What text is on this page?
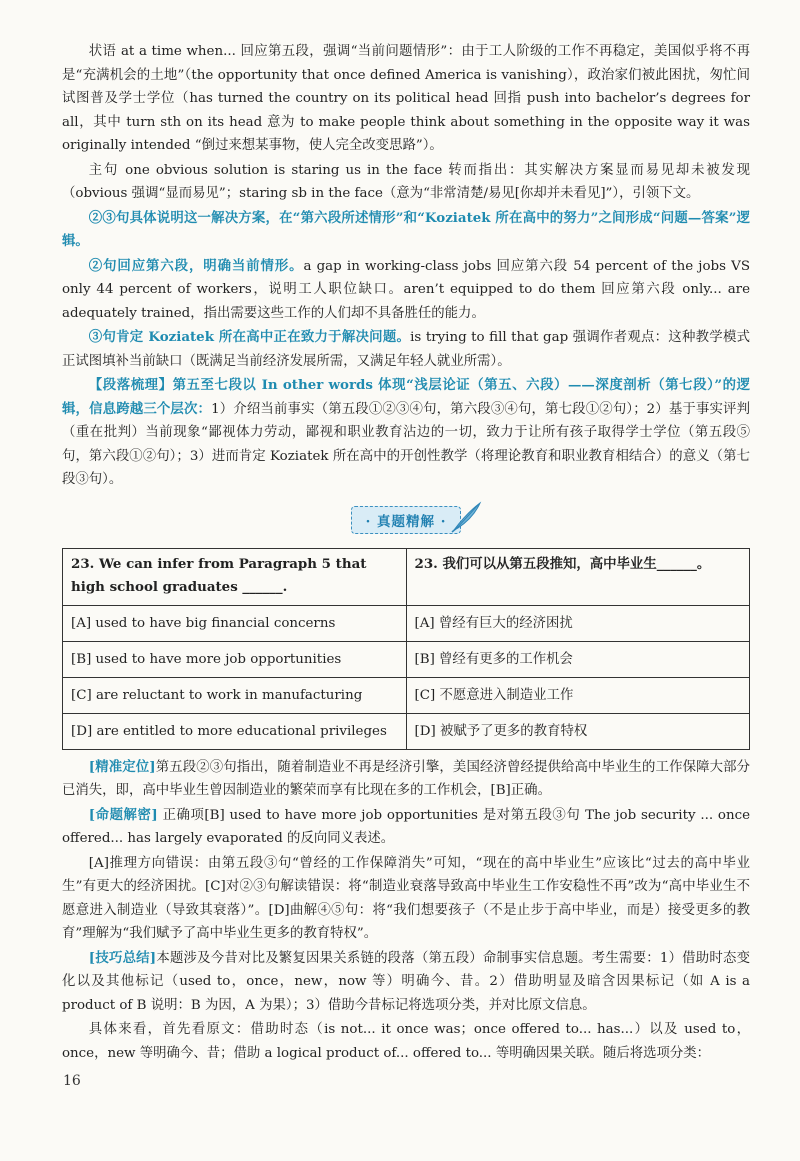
状语 at a time when... 回应第五段，强调“当前问题情形”：由于工人阶级的工作不再稳定，美国似乎将不再是“充满机会的土地”（the opportunity that once defined America is vanishing），政治家们被此困扰，匆忙间试图普及学士学位（has turned the country on its political head 回指 push into bachelor’s degrees for all，其中 turn sth on its head 意为 to make people think about something in the opposite way it was originally intended “倒过来想某事物，使人完全改变思路”）。

主句 one obvious solution is staring us in the face 转而指出：其实解决方案显而易见却未被发现（obvious 强调“显而易见”；staring sb in the face（意为“非常清楚/易见[你却并未看见]”），引领下文。

②③句具体说明这一解决方案，在“第六段所述情形”和“Koziatek 所在高中的努力”之间形成“问题—答案”逻辑。

②句回应第六段，明确当前情形。a gap in working-class jobs 回应第六段 54 percent of the jobs VS only 44 percent of workers，说明工人职位缺口。aren’t equipped to do them 回应第六段 only... are adequately trained，指出需要这些工作的人们却不具备胜任的能力。

③句肯定 Koziatek 所在高中正在致力于解决问题。is trying to fill that gap 强调作者观点：这种教学模式正试图填补当前缺口（既满足当前经济发展所需，又满足年轻人就业所需）。

【段落梳理】第五至七段以 In other words 体现“浅层论证（第五、六段）——深度剖析（第七段）”的逻辑，信息跨越三个层次：1）介绍当前事实（第五段①②③④句，第六段③④句，第七段①②句）；2）基于事实评判（重在批判）当前现象“鄙视体力劳动，鄙视和职业教育沾边的一切，致力于让所有孩子取得学士学位（第五段⑤句，第六段①②句）；3）进而肯定 Koziatek 所在高中的开创性教学（将理论教育和职业教育相结合）的意义（第七段③句）。

· 真题精解 ·
23. We can infer from Paragraph 5 that high school graduates ______.	23. 我们可以从第五段推知，高中毕业生______。
[A] used to have big financial concerns	[A] 曾经有巨大的经济困扰
[B] used to have more job opportunities	[B] 曾经有更多的工作机会
[C] are reluctant to work in manufacturing	[C] 不愿意进入制造业工作
[D] are entitled to more educational privileges	[D] 被赋予了更多的教育特权

[精准定位]第五段②③句指出，随着制造业不再是经济引擎，美国经济曾经提供给高中毕业生的工作保障大部分已消失，即，高中毕业生曾因制造业的繁荣而享有比现在多的工作机会，[B]正确。

[命题解密] 正确项[B] used to have more job opportunities 是对第五段③句 The job security ... once offered... has largely evaporated 的反向同义表述。

[A]推理方向错误：由第五段③句“曾经的工作保障消失”可知，“现在的高中毕业生”应该比“过去的高中毕业生”有更大的经济困扰。[C]对②③句解读错误：将“制造业衰落导致高中毕业生工作安稳性不再”改为“高中毕业生不愿意进入制造业（导致其衰落）”。[D]曲解④⑤句：将“我们想要孩子（不是止步于高中毕业，而是）接受更多的教育”理解为“我们赋予了高中毕业生更多的教育特权”。

[技巧总结]本题涉及今昔对比及繁复因果关系链的段落（第五段）命制事实信息题。考生需要：1）借助时态变化以及其他标记（used to，once，new，now 等）明确今、昔。2）借助明显及暗含因果标记（如 A is a product of B 说明：B 为因，A 为果）；3）借助今昔标记将选项分类，并对比原文信息。

具体来看，首先看原文：借助时态（is not... it once was；once offered to... has...）以及 used to，once，new 等明确今、昔；借助 a logical product of... offered to... 等明确因果关联。随后将选项分类：

16
